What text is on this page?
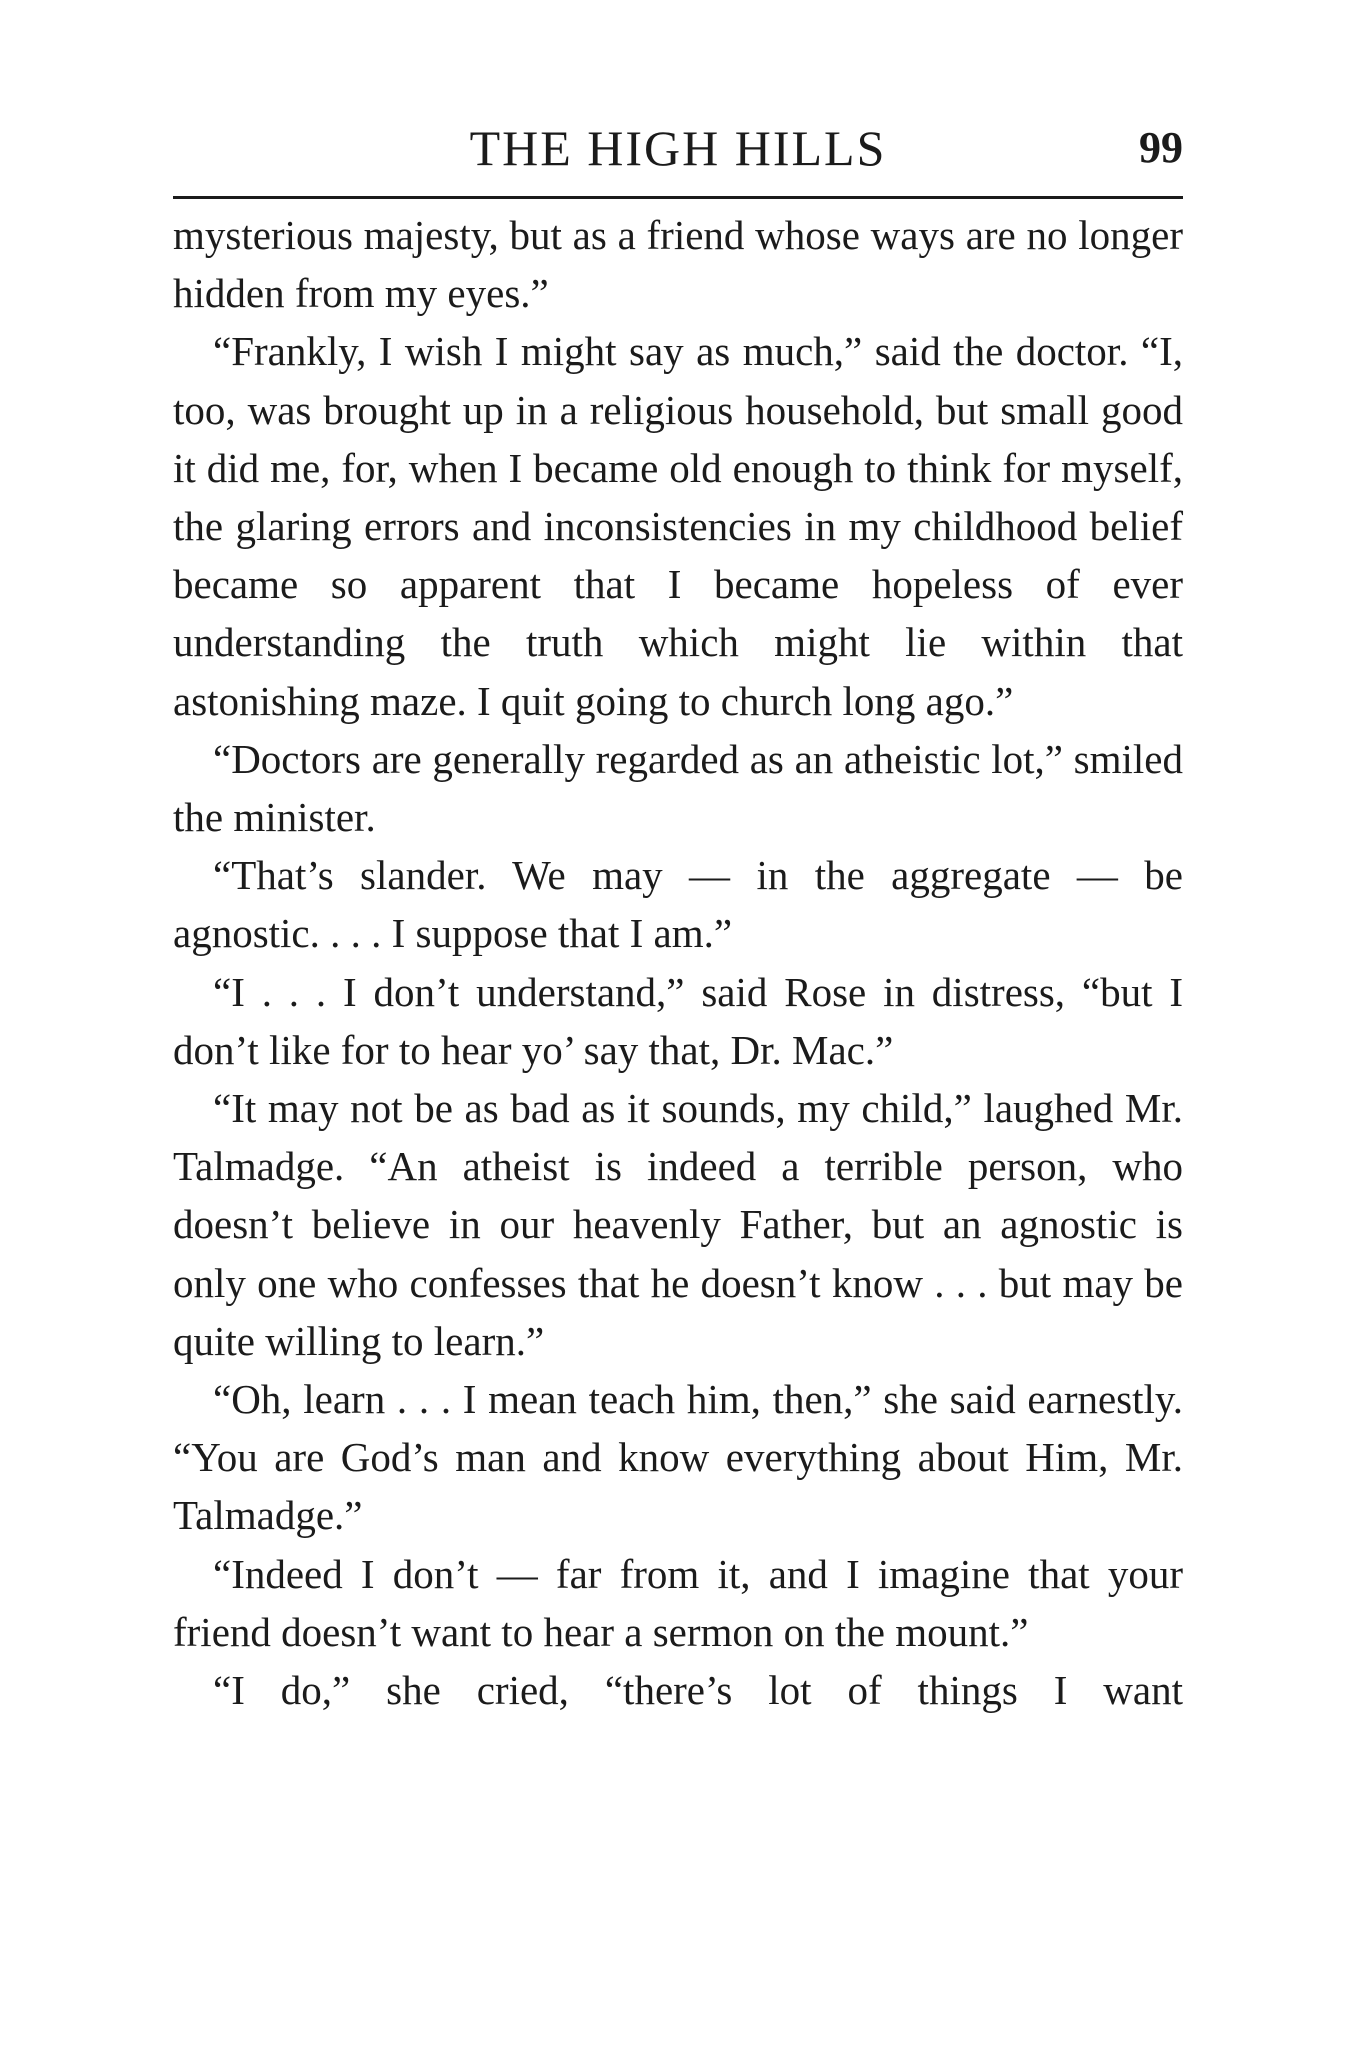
THE HIGH HILLS	99

mysterious majesty, but as a friend whose ways are no longer hidden from my eyes.”

“Frankly, I wish I might say as much,” said the doctor. “I, too, was brought up in a religious household, but small good it did me, for, when I became old enough to think for myself, the glaring errors and inconsistencies in my childhood belief became so apparent that I became hopeless of ever understanding the truth which might lie within that astonishing maze. I quit going to church long ago.”

“Doctors are generally regarded as an atheistic lot,” smiled the minister.

“That’s slander. We may — in the aggregate — be agnostic. . . . I suppose that I am.”

“I . . . I don’t understand,” said Rose in distress, “but I don’t like for to hear yo’ say that, Dr. Mac.”

“It may not be as bad as it sounds, my child,” laughed Mr. Talmadge. “An atheist is indeed a terrible person, who doesn’t believe in our heavenly Father, but an agnostic is only one who confesses that he doesn’t know . . . but may be quite willing to learn.”

“Oh, learn . . . I mean teach him, then,” she said earnestly. “You are God’s man and know everything about Him, Mr. Talmadge.”

“Indeed I don’t — far from it, and I imagine that your friend doesn’t want to hear a sermon on the mount.”

“I do,” she cried, “there’s lot of things I want
